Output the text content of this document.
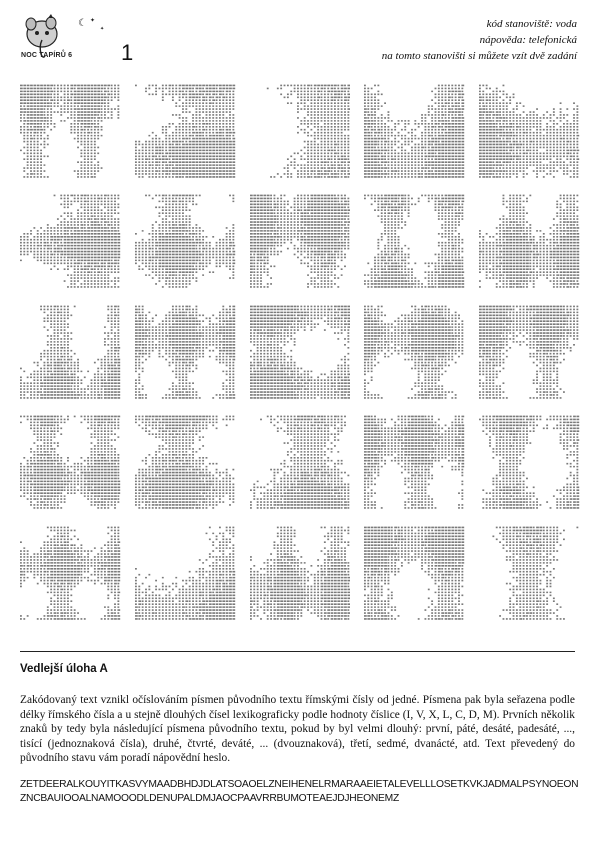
☾ ✦
✦
NOC TAPÍRŮ 6 1
kód stanoviště: voda
nápověda: telefonická
na tomto stanovišti si můžete vzít dvě zadání
Vedlejší úloha A

Zakódovaný text vznikl očíslováním písmen původního textu římskými čísly od jedné. Písmena pak byla seřazena podle délky římského čísla a u stejně dlouhých čísel lexikograficky podle hodnoty číslice (I, V, X, L, C, D, M). Prvních několik znaků by tedy byla následující písmena původního textu, pokud by byl velmi dlouhý: první, páté, desáté, padesáté, ..., tisící (jednoznaková čísla), druhé, čtvrté, deváté, ... (dvouznaková), třetí, sedmé, dvanácté, atd. Text převedený do původního stavu vám poradí nápovědní heslo.

ZETDEERALKOUYITKASVYMAADBHDJDLATSOAOELZNEIHENELRMARAAEIETALEVELLLOSETKVKJADMALPSYNOEONZNCBAUIOOALNAMOOODLDENUPALDMJAOCPAAVRRBUMOTEAEJDJHEONEMZ
